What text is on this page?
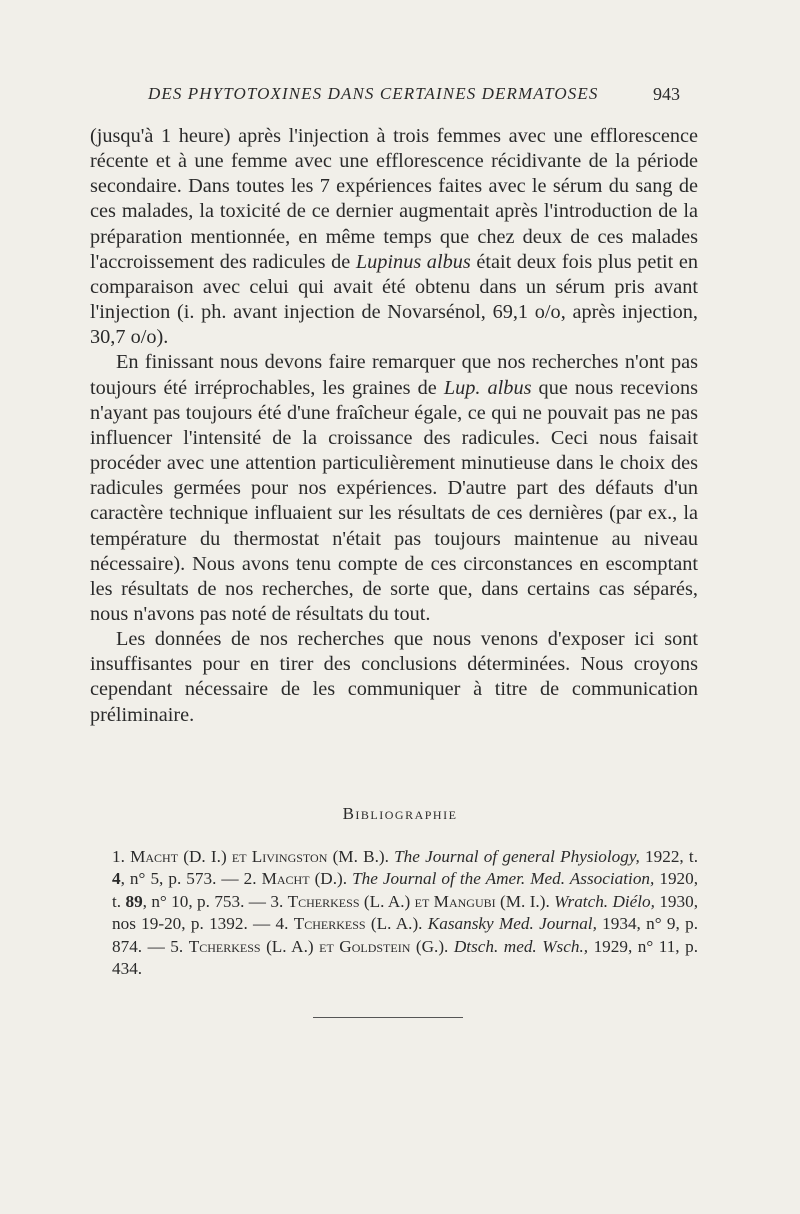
DES PHYTOTOXINES DANS CERTAINES DERMATOSES	943

(jusqu'à 1 heure) après l'injection à trois femmes avec une efflorescence récente et à une femme avec une efflorescence récidivante de la période secondaire. Dans toutes les 7 expériences faites avec le sérum du sang de ces malades, la toxicité de ce dernier augmentait après l'introduction de la préparation mentionnée, en même temps que chez deux de ces malades l'accroissement des radicules de Lupinus albus était deux fois plus petit en comparaison avec celui qui avait été obtenu dans un sérum pris avant l'injection (i. ph. avant injection de Novarsénol, 69,1 o/o, après injection, 30,7 o/o).

En finissant nous devons faire remarquer que nos recherches n'ont pas toujours été irréprochables, les graines de Lup. albus que nous recevions n'ayant pas toujours été d'une fraîcheur égale, ce qui ne pouvait pas ne pas influencer l'intensité de la croissance des radicules. Ceci nous faisait procéder avec une attention particulièrement minutieuse dans le choix des radicules germées pour nos expériences. D'autre part des défauts d'un caractère technique influaient sur les résultats de ces dernières (par ex., la température du thermostat n'était pas toujours maintenue au niveau nécessaire). Nous avons tenu compte de ces circonstances en escomptant les résultats de nos recherches, de sorte que, dans certains cas séparés, nous n'avons pas noté de résultats du tout.

Les données de nos recherches que nous venons d'exposer ici sont insuffisantes pour en tirer des conclusions déterminées. Nous croyons cependant nécessaire de les communiquer à titre de communication préliminaire.

Bibliographie
1. Macht (D. I.) et Livingston (M. B.). The Journal of general Physiology, 1922, t. 4, n° 5, p. 573. — 2. Macht (D.). The Journal of the Amer. Med. Association, 1920, t. 89, n° 10, p. 753. — 3. Tcherkess (L. A.) et Mangubi (M. I.). Wratch. Diélo, 1930, nos 19-20, p. 1392. — 4. Tcherkess (L. A.). Kasansky Med. Journal, 1934, n° 9, p. 874. — 5. Tcherkess (L. A.) et Goldstein (G.). Dtsch. med. Wsch., 1929, n° 11, p. 434.
